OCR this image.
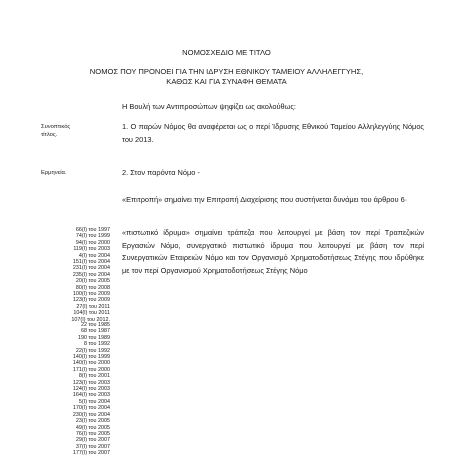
ΝΟΜΟΣΧΕΔΙΟ ΜΕ ΤΙΤΛΟ
ΝΟΜΟΣ ΠΟΥ ΠΡΟΝΟΕΙ ΓΙΑ ΤΗΝ ΙΔΡΥΣΗ ΕΘΝΙΚΟΥ ΤΑΜΕΙΟΥ ΑΛΛΗΛΕΓΓΥΗΣ,
ΚΑΘΩΣ ΚΑΙ ΓΙΑ ΣΥΝΑΦΗ ΘΕΜΑΤΑ
Η Βουλή των Αντιπροσώπων ψηφίζει ως ακολούθως:
Συνοπτικός
τίτλος.
1. Ο παρών Νόμος θα αναφέρεται ως ο περί Ίδρυσης Εθνικού Ταμείου Αλληλεγγύης Νόμος του 2013.
Ερμηνεία.	2. Στον παρόντα Νόμο -
«Επιτροπή» σημαίνει την Επιτροπή Διαχείρισης που συστήνεται δυνάμει του άρθρου 6·
«πιστωτικό ίδρυμα» σημαίνει τράπεζα που λειτουργεί με βάση τον περί Τραπεζικών Εργασιών Νόμο, συνεργατικό πιστωτικό ίδρυμα που λειτουργεί με βάση τον περί Συνεργατικών Εταιρειών Νόμο και τον Οργανισμό Χρηματοδοτήσεως Στέγης που ιδρύθηκε με τον περί Οργανισμού Χρηματοδοτήσεως Στέγης Νόμο
66(I) του 1997
74(I) του 1999
94(I) του 2000
119(I) του 2003
4(I) του 2004
151(I) του 2004
231(I) του 2004
235(I) του 2004
20(I) του 2005
80(I) του 2008
100(I) του 2009
123(I) του 2009
27(I) του 2011
104(I) του 2011
107(I) του 2012.
22 του 1985
68 του 1987
190 του 1989
8 του 1992
22(I) του 1992
140(I) του 1999
140(I) του 2000
171(I) του 2000
8(I) του 2001
123(I) του 2003
124(I) του 2003
164(I) του 2003
5(I) του 2004
170(I) του 2004
230(I) του 2004
23(I) του 2005
49(I) του 2005
76(I) του 2005
29(I) του 2007
37(I) του 2007
177(I) του 2007
